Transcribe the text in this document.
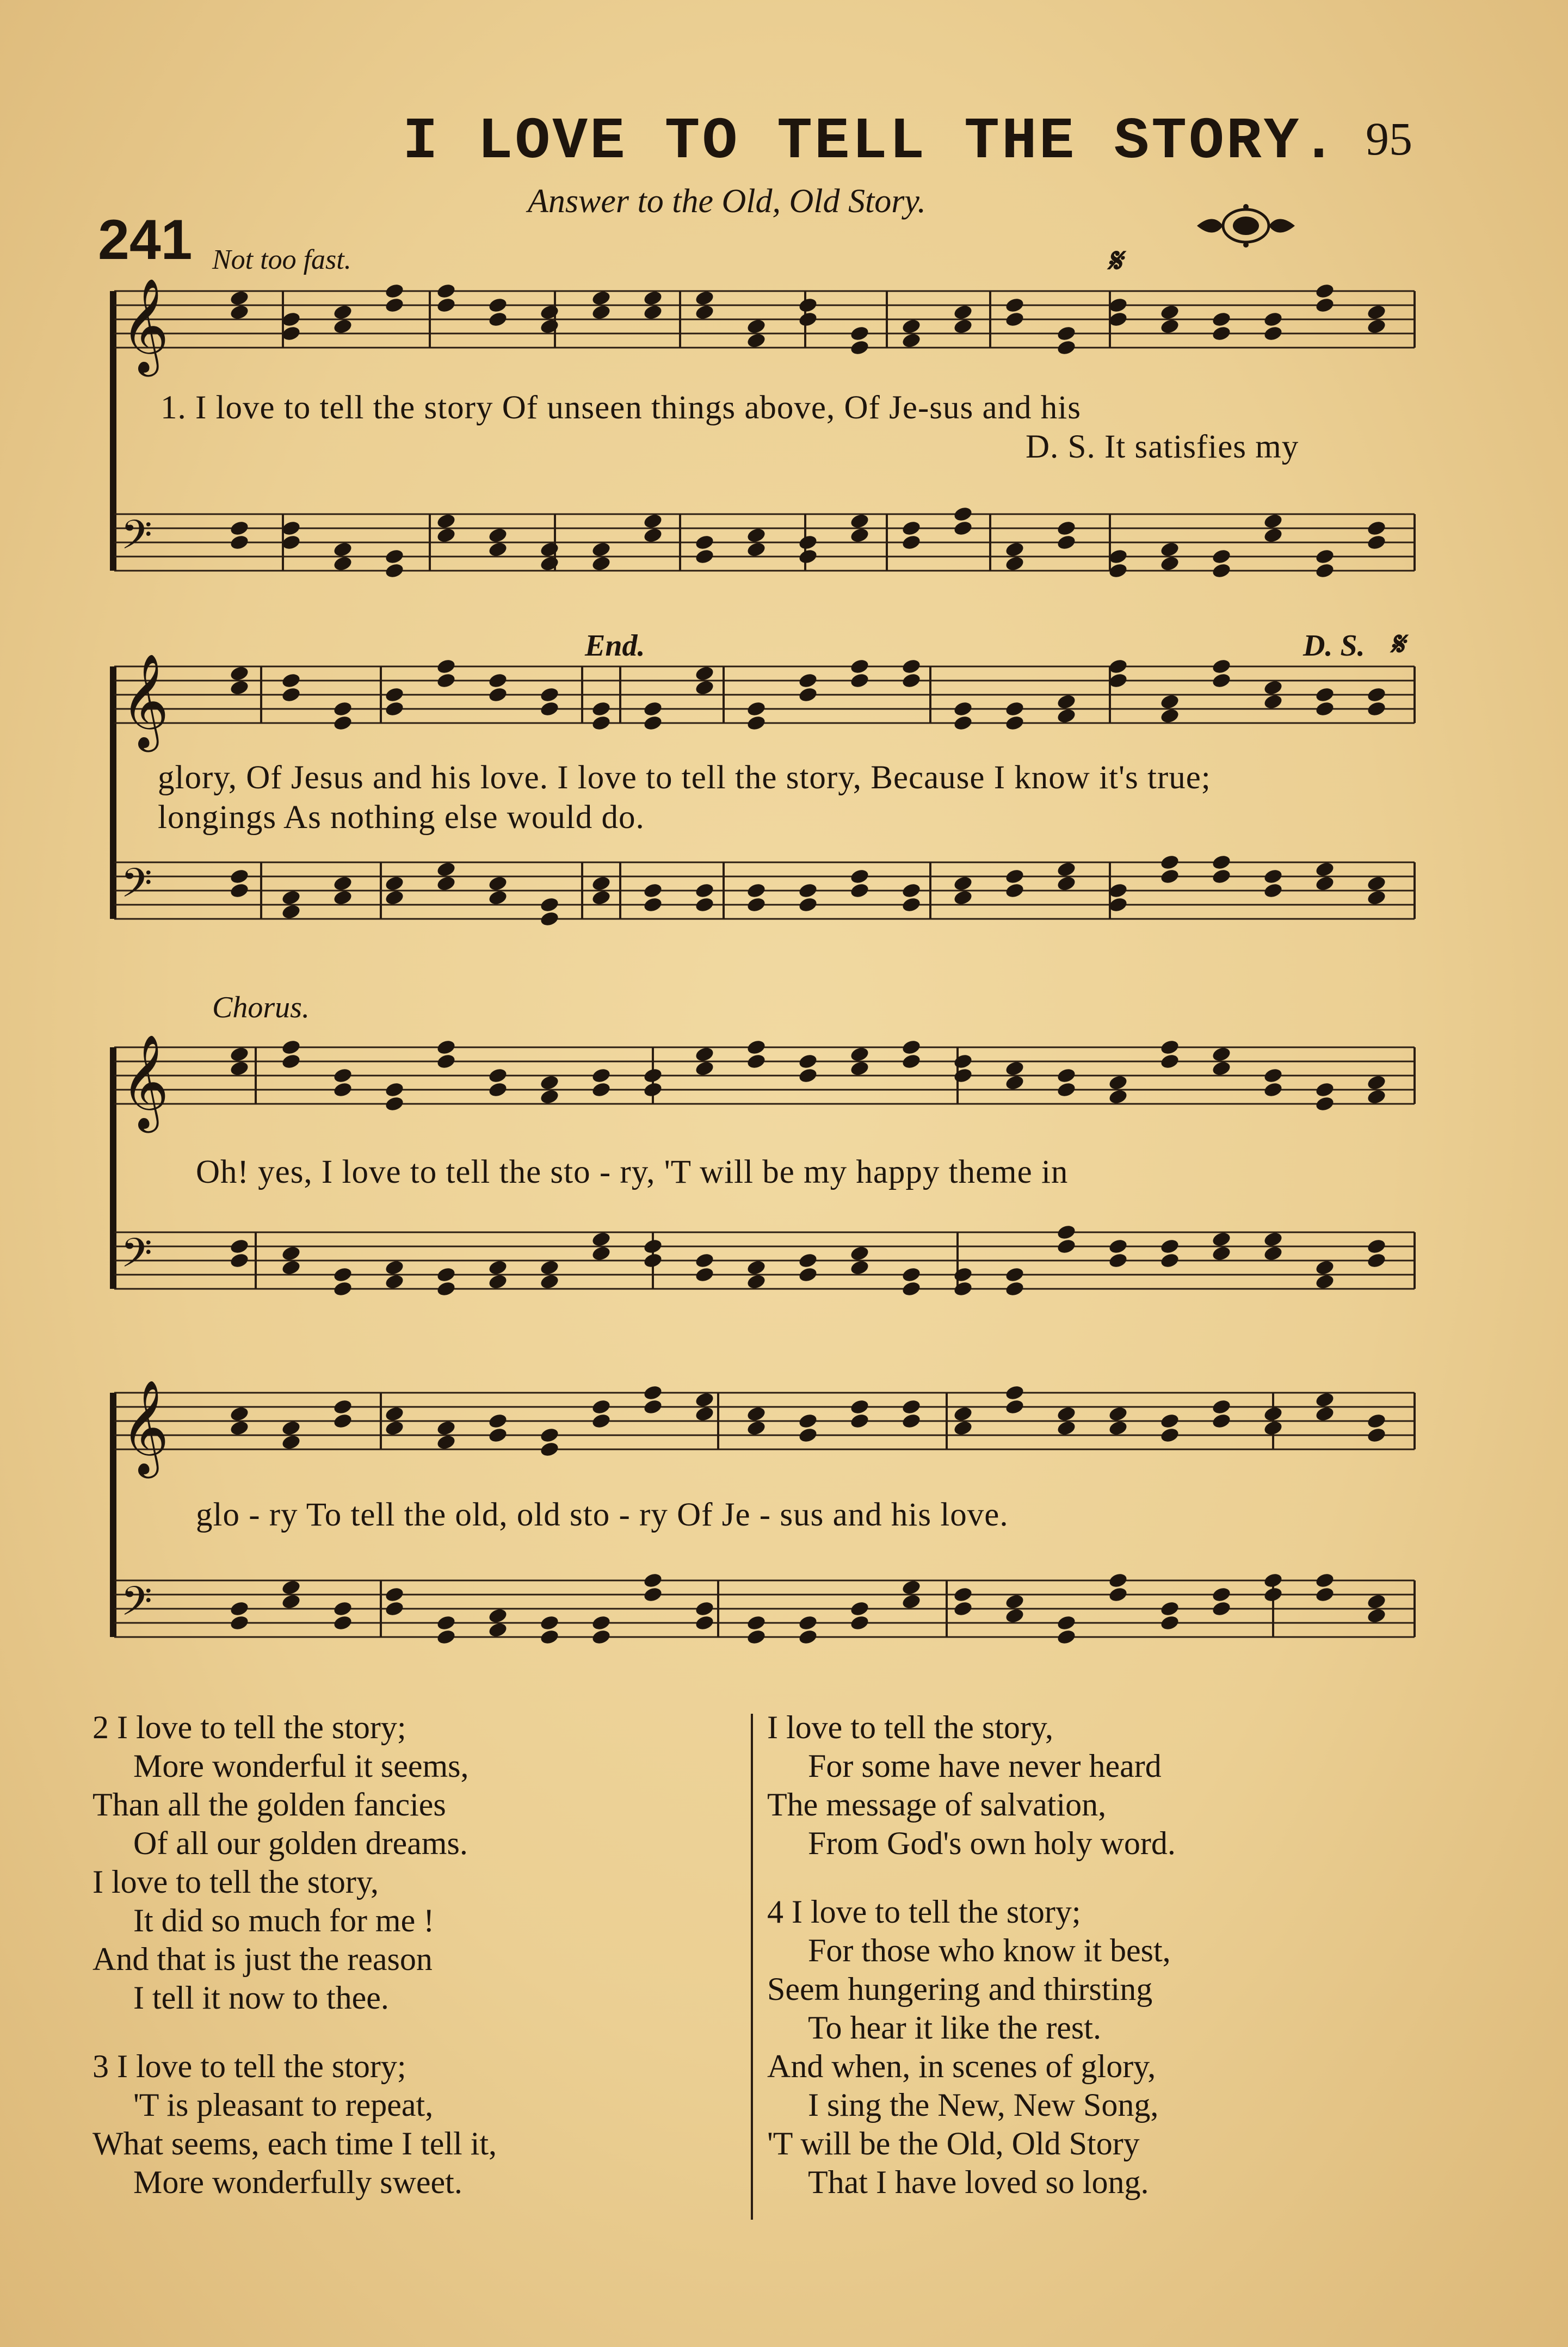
I LOVE TO TELL THE STORY. 95
Answer to the Old, Old Story.
241 Not too fast.
𝄞
𝄢
𝄞
𝄢
𝄞
𝄢
𝄞
𝄢
𝄋
1. I love to tell the story Of unseen things above, Of Je-sus and his
D. S. It satisfies my
End.	D. S. 𝄋
glory, Of Jesus and his love. I love to tell the story, Because I know it's true;
longings As nothing else would do.
Chorus.
Oh! yes, I love to tell the sto - ry, 'T will be my happy theme in
glo - ry To tell the old, old sto - ry Of Je - sus and his love.
2 I love to tell the story;
More wonderful it seems,
Than all the golden fancies
Of all our golden dreams.
I love to tell the story,
It did so much for me !
And that is just the reason
I tell it now to thee.
3 I love to tell the story;
'T is pleasant to repeat,
What seems, each time I tell it,
More wonderfully sweet.
I love to tell the story,
For some have never heard
The message of salvation,
From God's own holy word.
4 I love to tell the story;
For those who know it best,
Seem hungering and thirsting
To hear it like the rest.
And when, in scenes of glory,
I sing the New, New Song,
'T will be the Old, Old Story
That I have loved so long.
